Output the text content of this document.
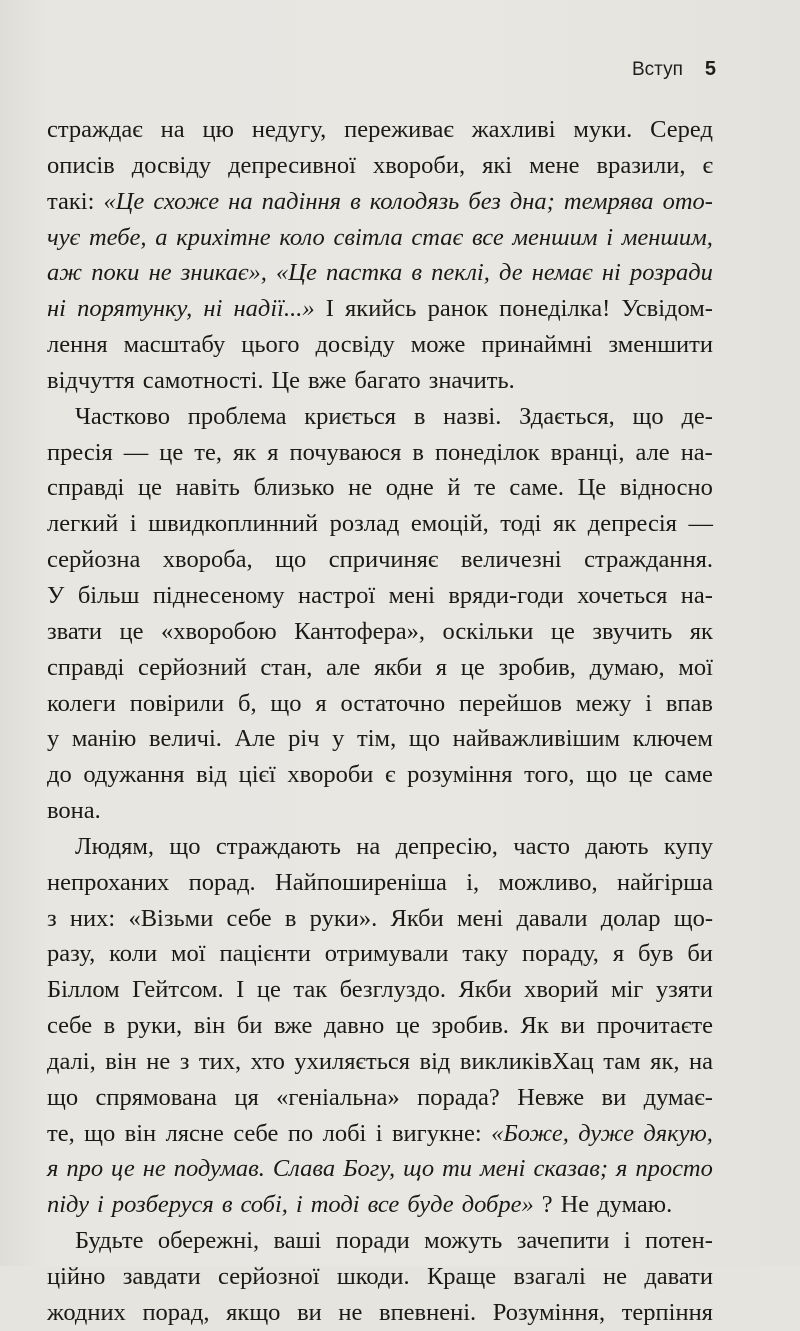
Вступ 5
страждає на цю недугу, переживає жахливі муки. Серед
описів досвіду депресивної хвороби, які мене вразили, є
такі: «Це схоже на падіння в колодязь без дна; темрява ото-
чує тебе, а крихітне коло світла стає все меншим і меншим,
аж поки не зникає», «Це пастка в пеклі, де немає ні розради
ні порятунку, ні надії...» І якийсь ранок понеділка! Усвідом-
лення масштабу цього досвіду може принаймні зменшити
відчуття самотності. Це вже багато значить.
Частково проблема криється в назві. Здається, що де-
пресія — це те, як я почуваюся в понеділок вранці, але на-
справді це навіть близько не одне й те саме. Це відносно
легкий і швидкоплинний розлад емоцій, тоді як депресія —
серйозна хвороба, що спричиняє величезні страждання.
У більш піднесеному настрої мені вряди-годи хочеться на-
звати це «хворобою Кантофера», оскільки це звучить як
справді серйозний стан, але якби я це зробив, думаю, мої
колеги повірили б, що я остаточно перейшов межу і впав
у манію величі. Але річ у тім, що найважливішим ключем
до одужання від цієї хвороби є розуміння того, що це саме
вона.
Людям, що страждають на депресію, часто дають купу
непроханих порад. Найпоширеніша і, можливо, найгірша
з них: «Візьми себе в руки». Якби мені давали долар що-
разу, коли мої пацієнти отримували таку пораду, я був би
Біллом Гейтсом. І це так безглуздо. Якби хворий міг узяти
себе в руки, він би вже давно це зробив. Як ви прочитаєте
далі, він не з тих, хто ухиляється від викликівХац там як, на
що спрямована ця «геніальна» порада? Невже ви думає-
те, що він ляснe себе по лобі і вигукне: «Боже, дуже дякую,
я про це не подумав. Слава Богу, що ти мені сказав; я просто
піду і розберуся в собі, і тоді все буде добре» ? Не думаю.
Будьте обережні, ваші поради можуть зачепити і потен-
ційно завдати серйозної шкоди. Краще взагалі не давати
жодних порад, якщо ви не впевнені. Розуміння, терпіння
